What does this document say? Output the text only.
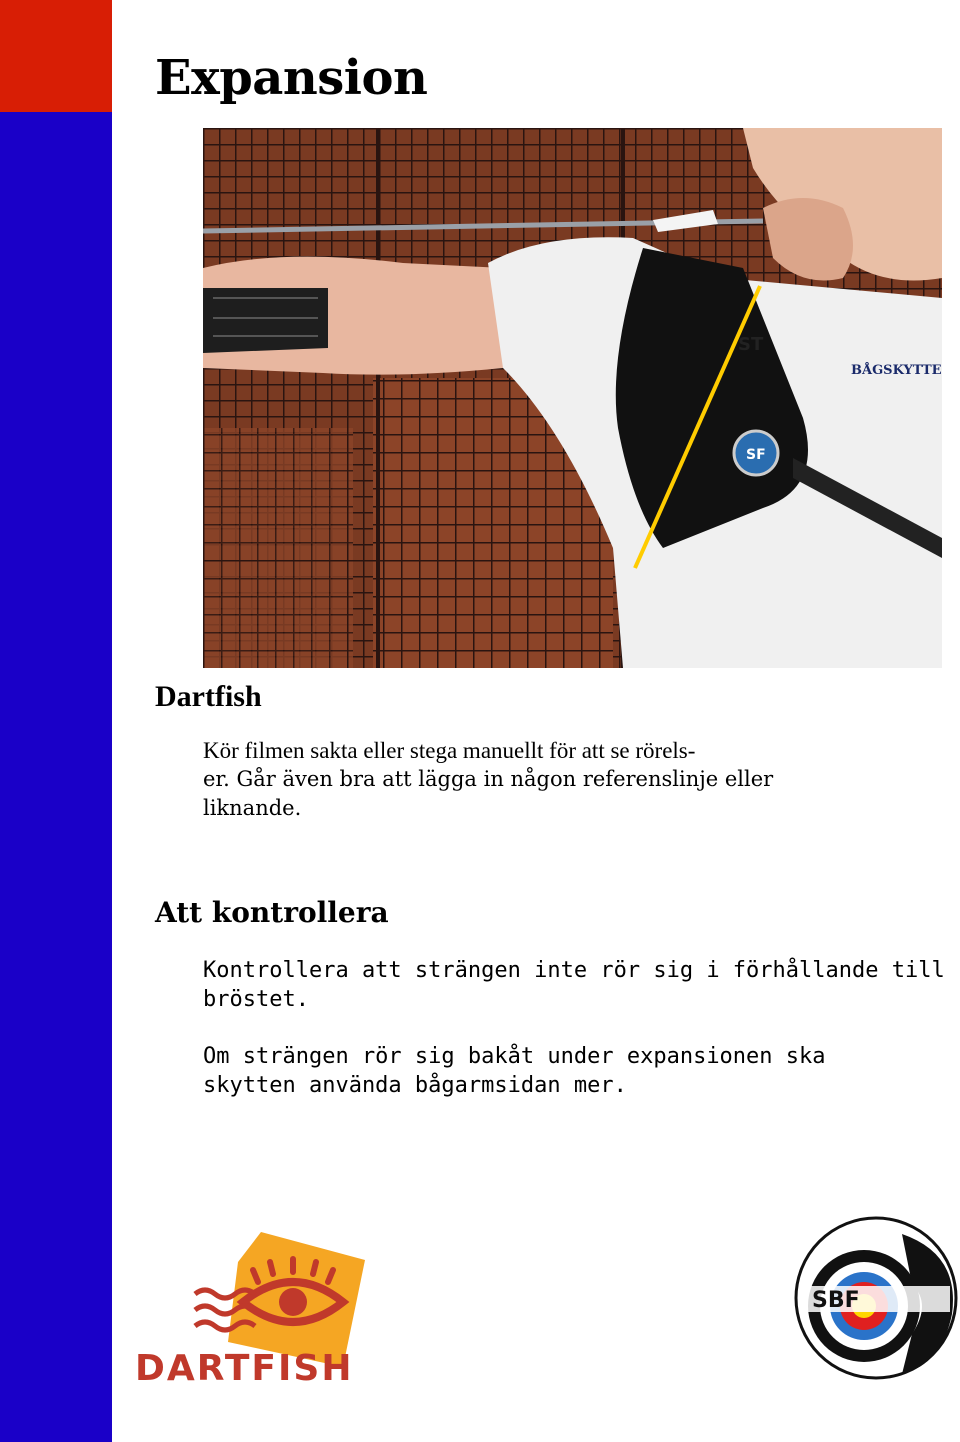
Expansion
SF
BÅGSKYTTE
ST
Dartfish

Kör filmen sakta eller stega manuellt för att se rörels-
er. Går även bra att lägga in någon referenslinje eller
liknande.

Att kontrollera

Kontrollera att strängen inte rör sig i förhållande till
bröstet.

Om strängen rör sig bakåt under expansionen ska
skytten använda bågarmsidan mer.

DARTFISH
SBF
